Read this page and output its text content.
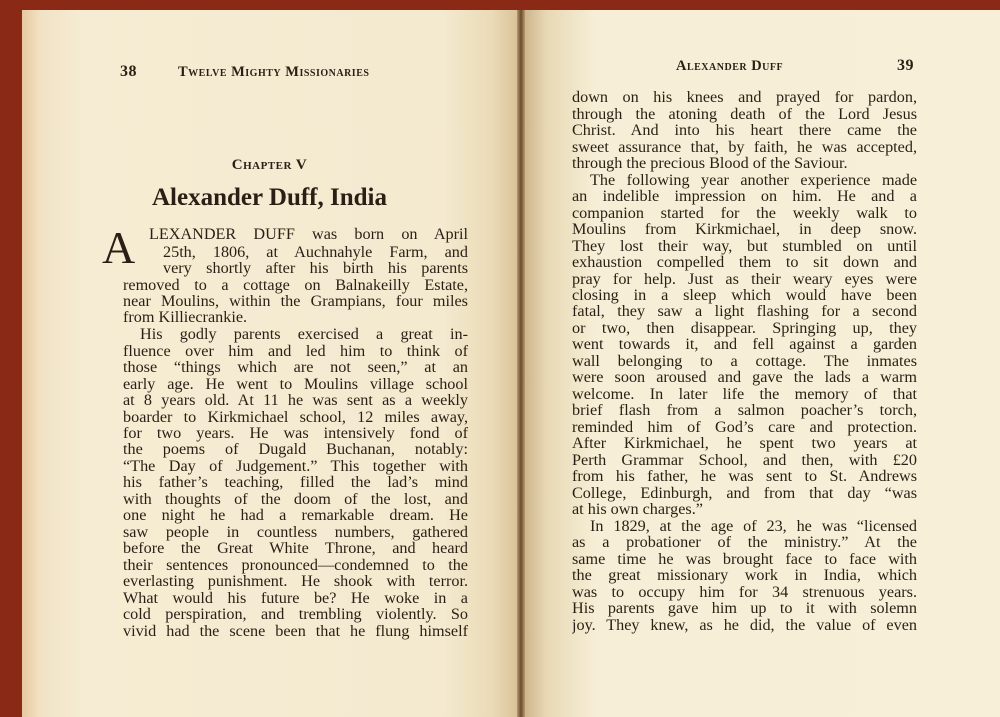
38	Twelve Mighty Missionaries
Chapter V
Alexander Duff, India
A LEXANDER DUFF was born on April
25th, 1806, at Auchnahyle Farm, and
very shortly after his birth his parents
removed to a cottage on Balnakeilly Estate,
near Moulins, within the Grampians, four miles
from Killiecrankie.
His godly parents exercised a great in-
fluence over him and led him to think of
those “things which are not seen,” at an
early age. He went to Moulins village school
at 8 years old. At 11 he was sent as a weekly
boarder to Kirkmichael school, 12 miles away,
for two years. He was intensively fond of
the poems of Dugald Buchanan, notably:
“The Day of Judgement.” This together with
his father’s teaching, filled the lad’s mind
with thoughts of the doom of the lost, and
one night he had a remarkable dream. He
saw people in countless numbers, gathered
before the Great White Throne, and heard
their sentences pronounced—condemned to the
everlasting punishment. He shook with terror.
What would his future be? He woke in a
cold perspiration, and trembling violently. So
vivid had the scene been that he flung himself
Alexander Duff	39
down on his knees and prayed for pardon,
through the atoning death of the Lord Jesus
Christ. And into his heart there came the
sweet assurance that, by faith, he was accepted,
through the precious Blood of the Saviour.
The following year another experience made
an indelible impression on him. He and a
companion started for the weekly walk to
Moulins from Kirkmichael, in deep snow.
They lost their way, but stumbled on until
exhaustion compelled them to sit down and
pray for help. Just as their weary eyes were
closing in a sleep which would have been
fatal, they saw a light flashing for a second
or two, then disappear. Springing up, they
went towards it, and fell against a garden
wall belonging to a cottage. The inmates
were soon aroused and gave the lads a warm
welcome. In later life the memory of that
brief flash from a salmon poacher’s torch,
reminded him of God’s care and protection.
After Kirkmichael, he spent two years at
Perth Grammar School, and then, with £20
from his father, he was sent to St. Andrews
College, Edinburgh, and from that day “was
at his own charges.”
In 1829, at the age of 23, he was “licensed
as a probationer of the ministry.” At the
same time he was brought face to face with
the great missionary work in India, which
was to occupy him for 34 strenuous years.
His parents gave him up to it with solemn
joy. They knew, as he did, the value of even
